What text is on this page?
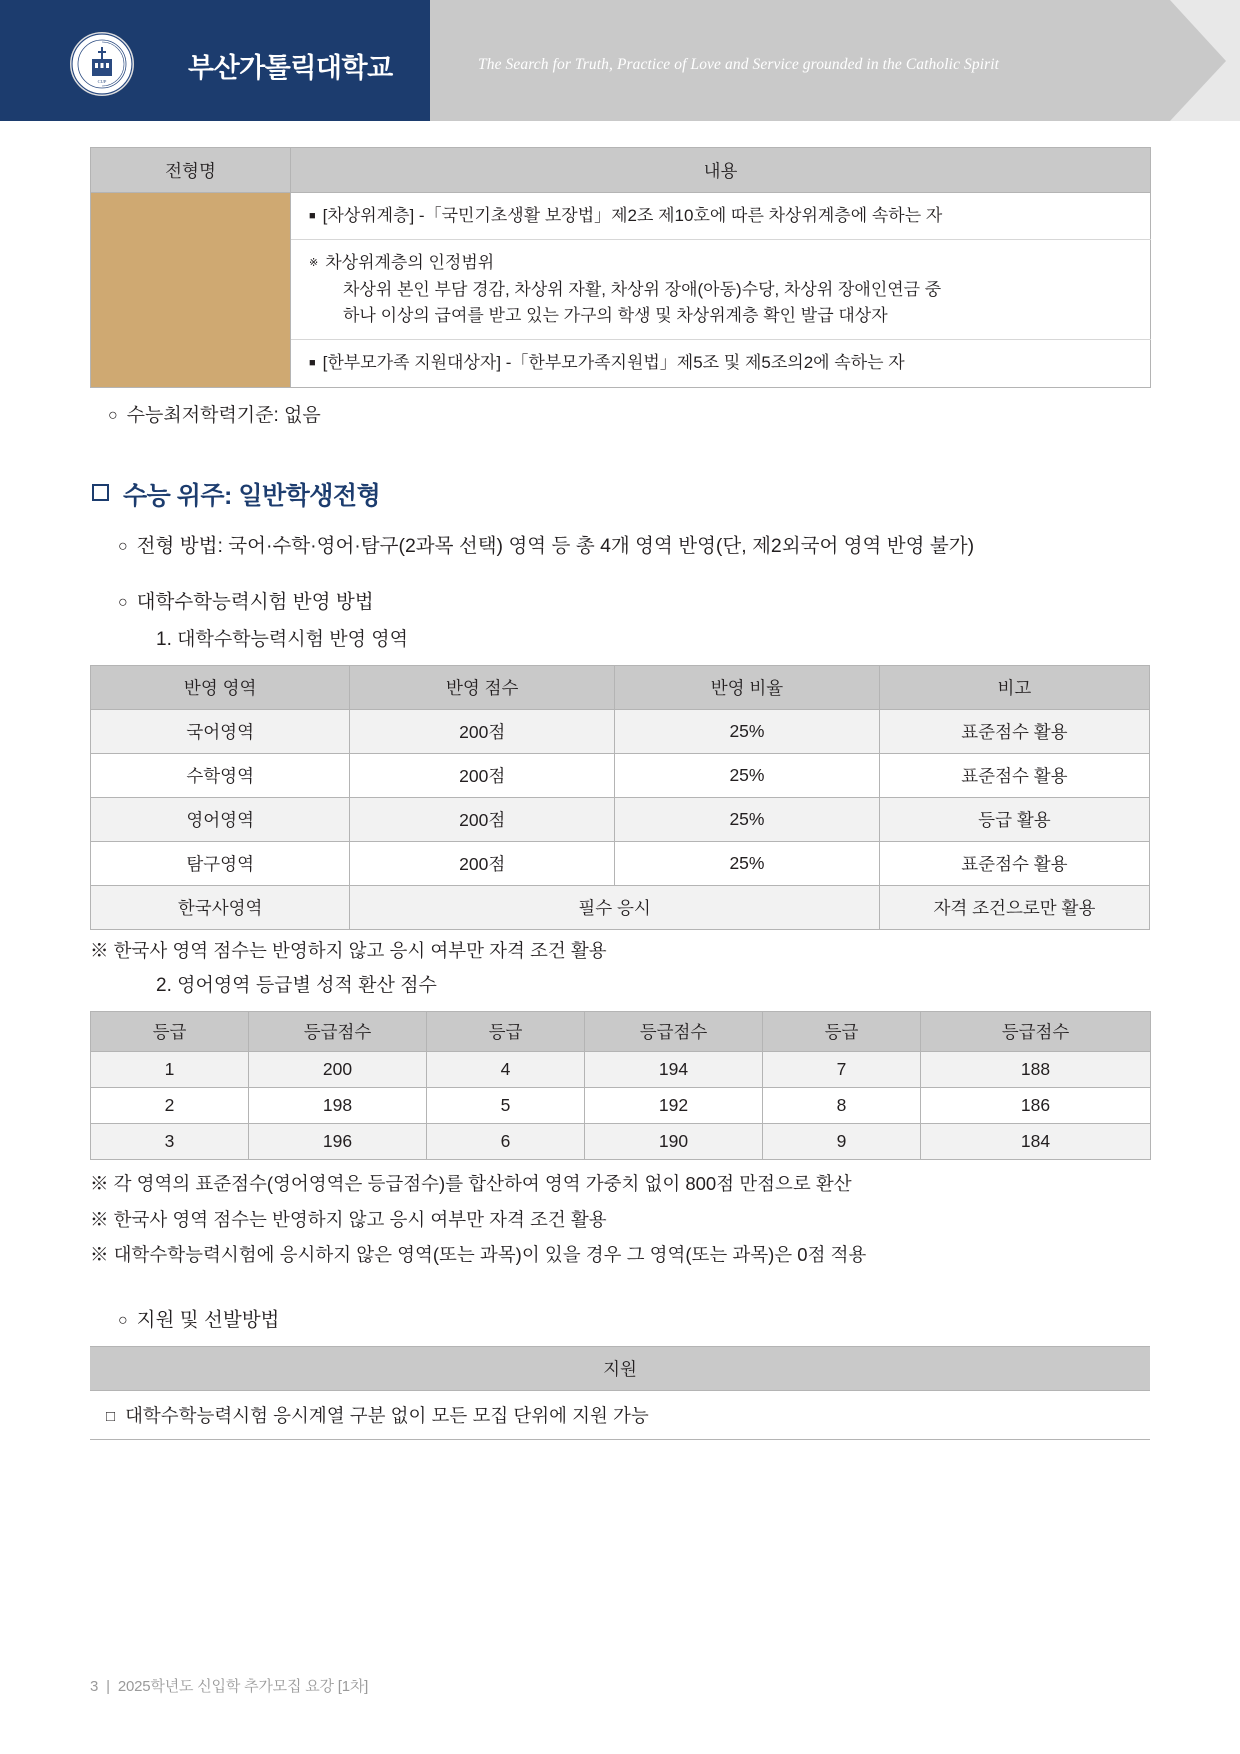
CUP	부산가톨릭대학교	The Search for Truth, Practice of Love and Service grounded in the Catholic Spirit
전형명	내용
	■ [차상위계층] -「국민기초생활 보장법」제2조 제10호에 따른 차상위계층에 속하는 자
	※ 차상위계층의 인정범위
차상위 본인 부담 경감, 차상위 자활, 차상위 장애(아동)수당, 차상위 장애인연금 중
하나 이상의 급여를 받고 있는 가구의 학생 및 차상위계층 확인 발급 대상자

	■ [한부모가족 지원대상자] -「한부모가족지원법」제5조 및 제5조의2에 속하는 자
○ 수능최저학력기준: 없음
수능 위주: 일반학생전형
○ 전형 방법: 국어·수학·영어·탐구(2과목 선택) 영역 등 총 4개 영역 반영(단, 제2외국어 영역 반영 불가)
○ 대학수학능력시험 반영 방법
1. 대학수학능력시험 반영 영역
반영 영역	반영 점수	반영 비율	비고
국어영역	200점	25%	표준점수 활용
수학영역	200점	25%	표준점수 활용
영어영역	200점	25%	등급 활용
탐구영역	200점	25%	표준점수 활용
한국사영역	필수 응시		자격 조건으로만 활용
※ 한국사 영역 점수는 반영하지 않고 응시 여부만 자격 조건 활용
2. 영어영역 등급별 성적 환산 점수
등급	등급점수	등급	등급점수	등급	등급점수
1	200	4	194	7	188
2	198	5	192	8	186
3	196	6	190	9	184
※ 각 영역의 표준점수(영어영역은 등급점수)를 합산하여 영역 가중치 없이 800점 만점으로 환산
※ 한국사 영역 점수는 반영하지 않고 응시 여부만 자격 조건 활용
※ 대학수학능력시험에 응시하지 않은 영역(또는 과목)이 있을 경우 그 영역(또는 과목)은 0점 적용
○ 지원 및 선발방법
지원
□ 대학수학능력시험 응시계열 구분 없이 모든 모집 단위에 지원 가능
3 | 2025학년도 신입학 추가모집 요강 [1차]
